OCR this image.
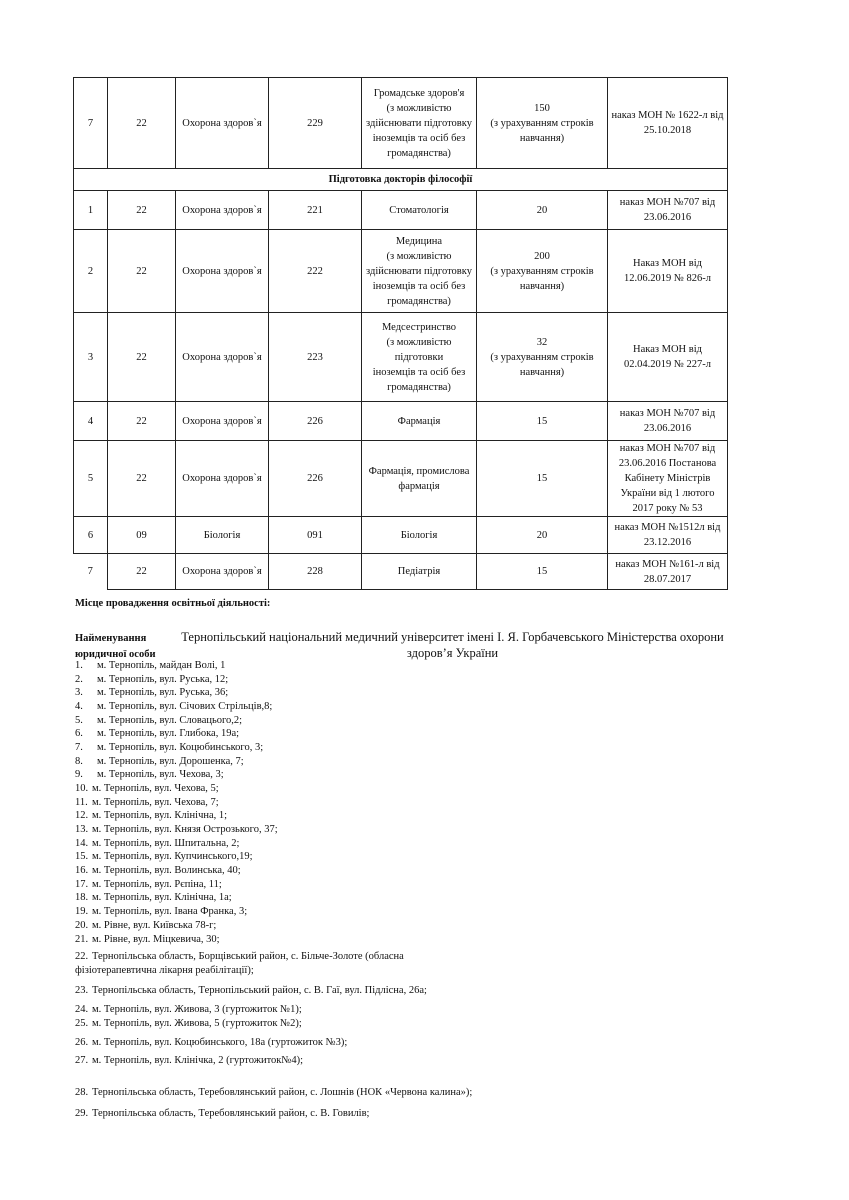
7	22	Охорона здоров`я	229	Громадське здоров'я
(з можливістю
здійснювати підготовку
іноземців та осіб без
громадянства)	150
(з урахуванням строків
навчання)	наказ МОН № 1622-л від
25.10.2018

Підготовка докторів філософії						
1	22	Охорона здоров`я	221	Стоматологія	20	наказ МОН №707 від
23.06.2016

2	22	Охорона здоров`я	222	Медицина
(з можливістю
здійснювати підготовку
іноземців та осіб без
громадянства)	200
(з урахуванням строків
навчання)	Наказ МОН від
12.06.2019 № 826-л

3	22	Охорона здоров`я	223	Медсестринство
(з можливістю
підготовки
іноземців та осіб без
громадянства)	32
(з урахуванням строків
навчання)	Наказ МОН від
02.04.2019 № 227-л

4	22	Охорона здоров`я	226	Фармація	15	наказ МОН №707 від
23.06.2016

5	22	Охорона здоров`я	226	Фармація, промислова
фармація	15	наказ МОН №707 від
23.06.2016 Постанова
Кабінету Міністрів
України від 1 лютого
2017 року № 53

6	09	Біологія	091	Біологія	20	наказ МОН №1512л від
23.12.2016

7	22	Охорона здоров`я	228	Педіатрія	15	наказ МОН №161-л від
28.07.2017
Місце провадження освітньої діяльності:
Найменування
юридичної особи
Тернопільський національний медичний університет імені І. Я. Горбачевського Міністерства охорони здоров’я України
1. м. Тернопіль, майдан Волі, 1
2. м. Тернопіль, вул. Руська, 12;
3. м. Тернопіль, вул. Руська, 36;
4. м. Тернопіль, вул. Січових Стрільців,8;
5. м. Тернопіль, вул. Словацього,2;
6. м. Тернопіль, вул. Глибока, 19а;
7. м. Тернопіль, вул. Коцюбинського, 3;
8. м. Тернопіль, вул. Дорошенка, 7;
9. м. Тернопіль, вул. Чехова, 3;
10. м. Тернопіль, вул. Чехова, 5;
11. м. Тернопіль, вул. Чехова, 7;
12. м. Тернопіль, вул. Клінічна, 1;
13. м. Тернопіль, вул. Князя Острозького, 37;
14. м. Тернопіль, вул. Шпитальна, 2;
15. м. Тернопіль, вул. Купчинського,19;
16. м. Тернопіль, вул. Волинська, 40;
17. м. Тернопіль, вул. Рєпіна, 11;
18. м. Тернопіль, вул. Клінічна, 1а;
19. м. Тернопіль, вул. Івана Франка, 3;
20. м. Рівне, вул. Київська 78-г;
21. м. Рівне, вул. Міцкевича, 30;
22. Тернопільська область, Борщівський район, с. Більче-Золоте (обласна фізіотерапевтична лікарня реабілітації);
23. Тернопільська область, Тернопільський район, с. В. Гаї, вул. Підлісна, 26а;
24. м. Тернопіль, вул. Живова, 3 (гуртожиток №1);
25. м. Тернопіль, вул. Живова, 5 (гуртожиток №2);
26. м. Тернопіль, вул. Коцюбинського, 18а (гуртожиток №3);
27. м. Тернопіль, вул. Клінічка, 2 (гуртожиток№4);
28. Тернопільська область, Теребовлянський район, с. Лошнів (НОК «Червона калина»);
29. Тернопільська область, Теребовлянський район, с. В. Говилів;
